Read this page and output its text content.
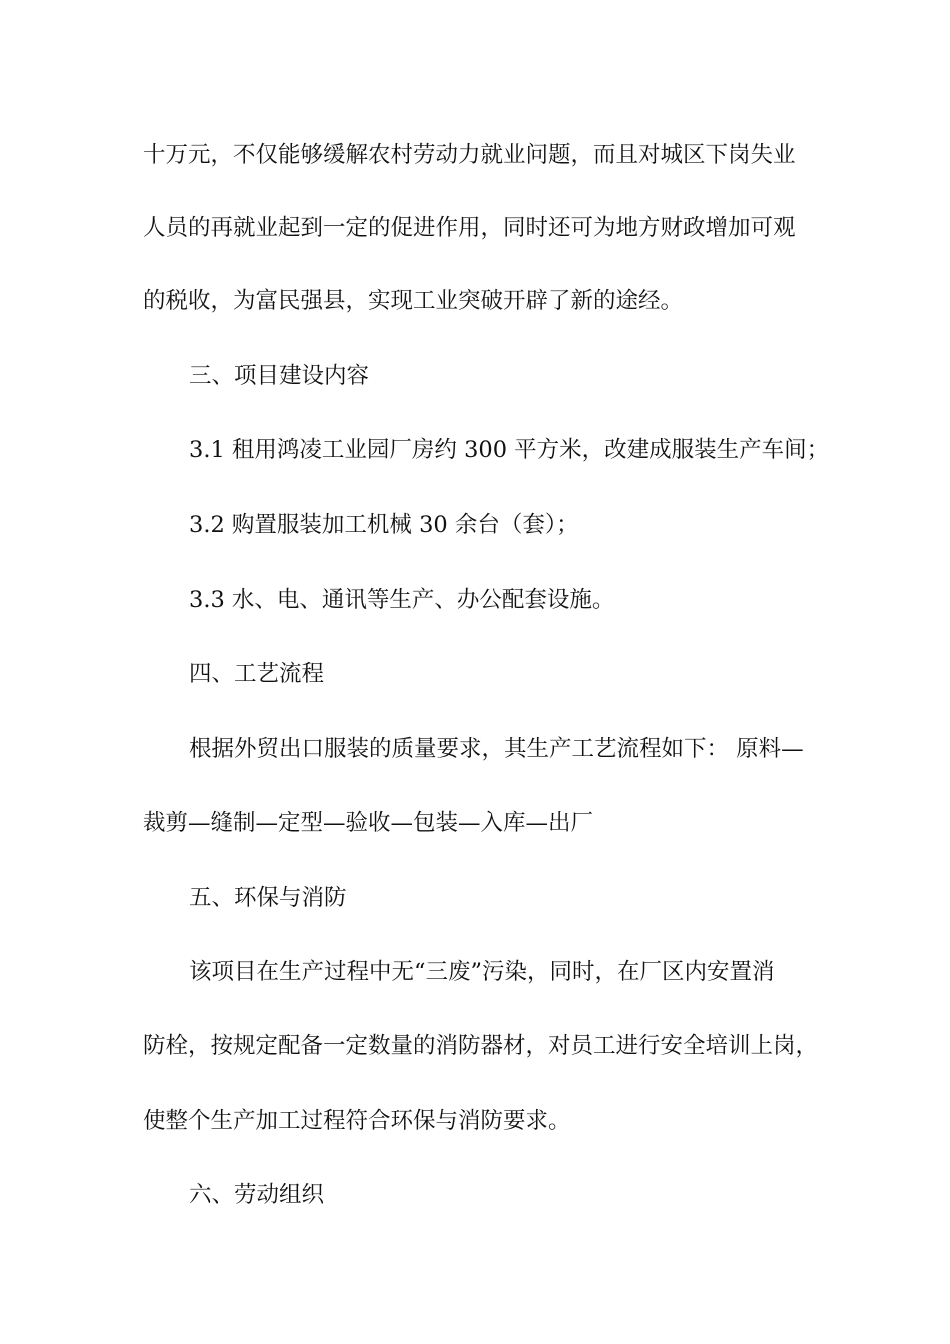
十万元，不仅能够缓解农村劳动力就业问题，而且对城区下岗失业
人员的再就业起到一定的促进作用，同时还可为地方财政增加可观
的税收，为富民强县，实现工业突破开辟了新的途经。
三、项目建设内容
3.1 租用鸿凌工业园厂房约 300 平方米，改建成服装生产车间；
3.2 购置服装加工机械 30 余台（套）；
3.3 水、电、通讯等生产、办公配套设施。
四、工艺流程
根据外贸出口服装的质量要求，其生产工艺流程如下： 原料—
裁剪—缝制—定型—验收—包装—入库—出厂
五、环保与消防
该项目在生产过程中无“三废”污染，同时，在厂区内安置消
防栓，按规定配备一定数量的消防器材，对员工进行安全培训上岗，
使整个生产加工过程符合环保与消防要求。
六、劳动组织
